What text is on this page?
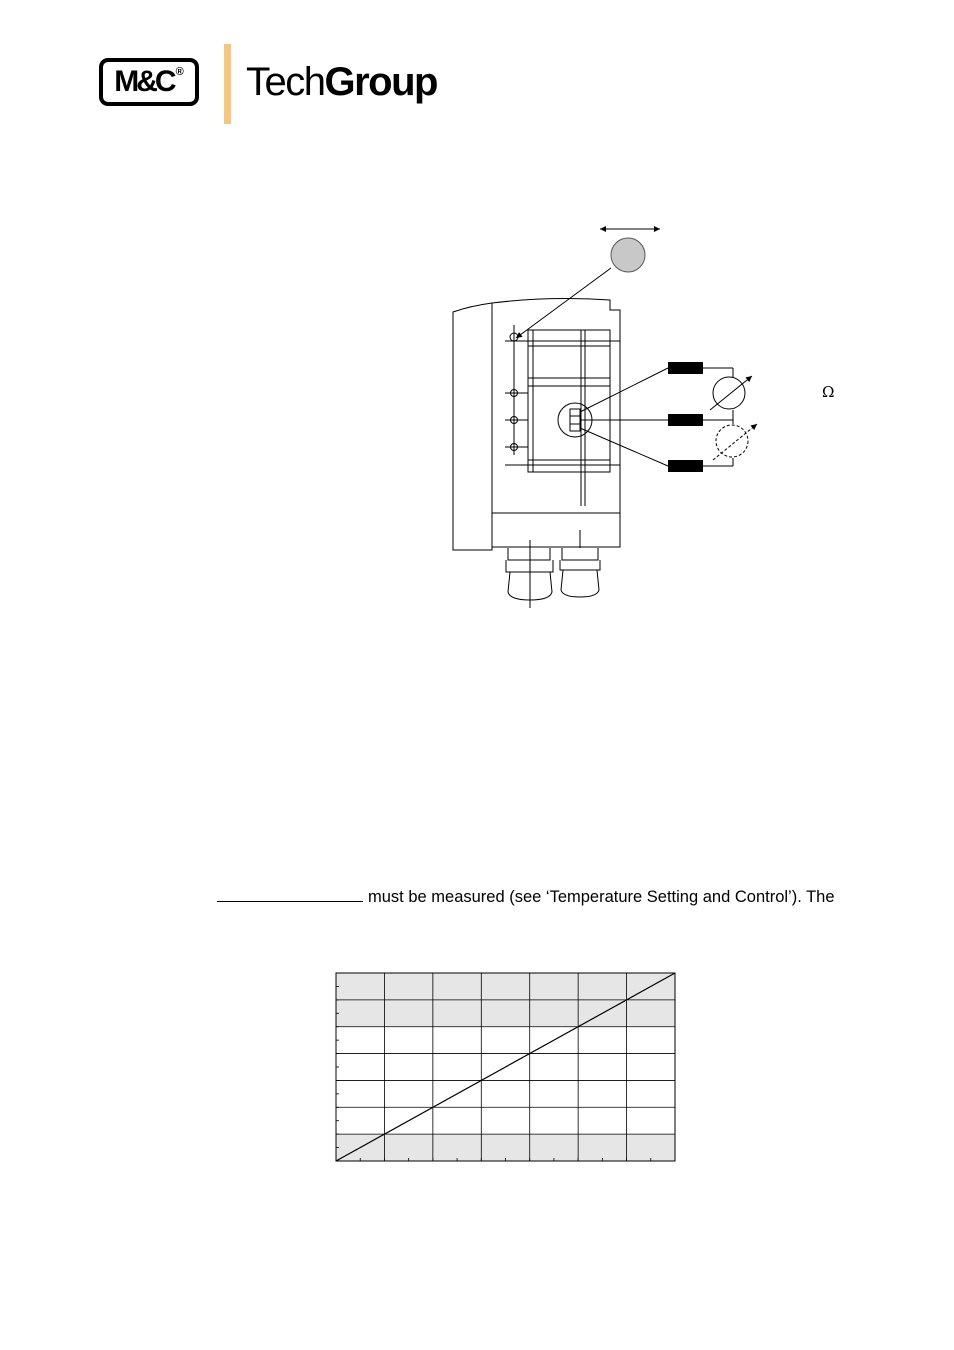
M&C ® TechGroup
Ω
must be measured (see ‘Temperature Setting and Control’). The
